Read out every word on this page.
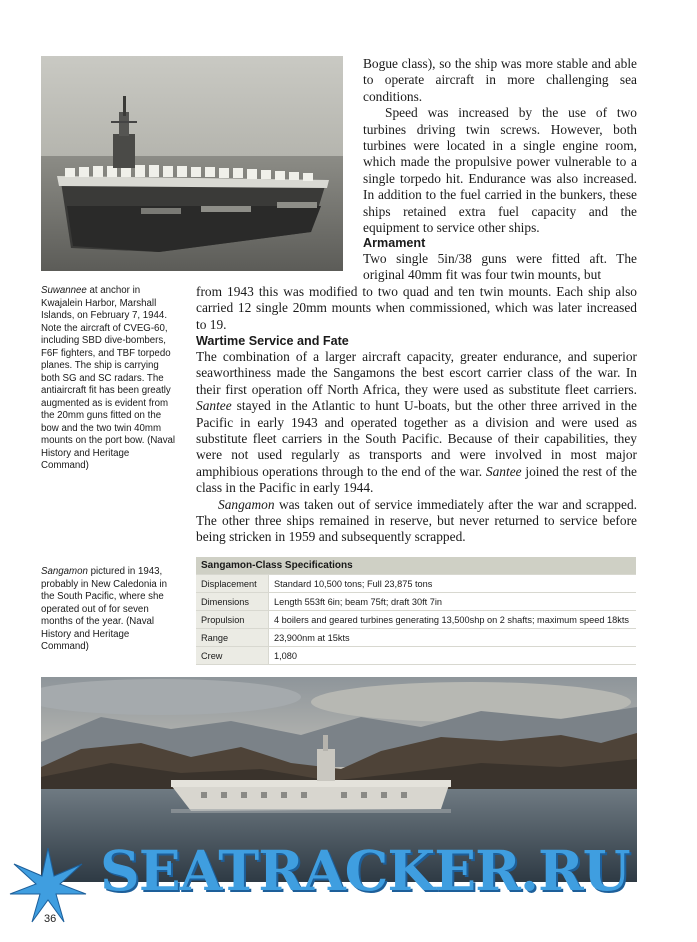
Bogue class), so the ship was more stable and able to operate aircraft in more challenging sea conditions.

Speed was increased by the use of two turbines driving twin screws. However, both turbines were located in a single engine room, which made the propulsive power vulnerable to a single torpedo hit. Endurance was also increased. In addition to the fuel carried in the bunkers, these ships retained extra fuel capacity and the equipment to service other ships.

Armament

Two single 5in/38 guns were fitted aft. The original 40mm fit was four twin mounts, but

from 1943 this was modified to two quad and ten twin mounts. Each ship also carried 12 single 20mm mounts when commissioned, which was later increased to 19.

Wartime Service and Fate

The combination of a larger aircraft capacity, greater endurance, and superior seaworthiness made the Sangamons the best escort carrier class of the war. In their first operation off North Africa, they were used as substitute fleet carriers. Santee stayed in the Atlantic to hunt U-boats, but the other three arrived in the Pacific in early 1943 and operated together as a division and were used as substitute fleet carriers in the South Pacific. Because of their capabilities, they were not used regularly as transports and were involved in most major amphibious operations through to the end of the war. Santee joined the rest of the class in the Pacific in early 1944.

Sangamon was taken out of service immediately after the war and scrapped. The other three ships remained in reserve, but never returned to service before being stricken in 1959 and subsequently scrapped.

Suwannee at anchor in Kwajalein Harbor, Marshall Islands, on February 7, 1944. Note the aircraft of CVEG-60, including SBD dive-bombers, F6F fighters, and TBF torpedo planes. The ship is carrying both SG and SC radars. The antiaircraft fit has been greatly augmented as is evident from the 20mm guns fitted on the bow and the two twin 40mm mounts on the port bow. (Naval History and Heritage Command)
Sangamon pictured in 1943, probably in New Caledonia in the South Pacific, where she operated out of for seven months of the year. (Naval History and Heritage Command)
Sangamon-Class Specifications	
Displacement	Standard 10,500 tons; Full 23,875 tons
Dimensions	Length 553ft 6in; beam 75ft; draft 30ft 7in
Propulsion	4 boilers and geared turbines generating 13,500shp on 2 shafts; maximum speed 18kts
Range	23,900nm at 15kts
Crew	1,080
SEATRACKER.RU
36
